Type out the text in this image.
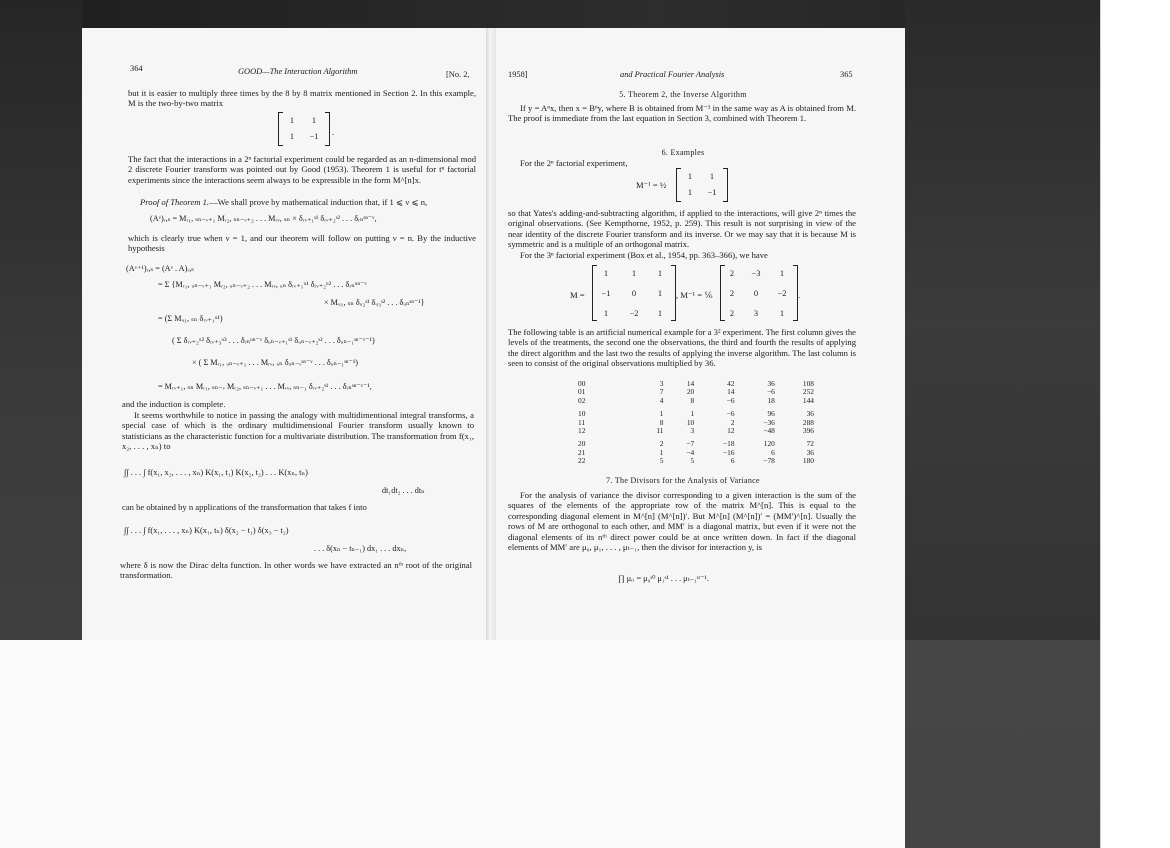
364	GOOD—The Interaction Algorithm	[No. 2,
but it is easier to multiply three times by the 8 by 8 matrix mentioned in Section 2. In this example, M is the two-by-two matrix
1	1
1	−1 .
The fact that the interactions in a 2ⁿ factorial experiment could be regarded as an n-dimensional mod 2 discrete Fourier transform was pointed out by Good (1953). Theorem 1 is useful for tⁿ factorial experiments since the interactions seem always to be expressible in the form M^[n]x.
Proof of Theorem 1.—We shall prove by mathematical induction that, if 1 ⩽ ν ⩽ n,
(Aᵛ)ᵣ,ₛ = Mᵣ₁, ₛₙ₋ᵥ₊₁ Mᵣ₂, ₛₙ₋ᵥ₊₂ . . . Mᵣᵥ, ₛₙ × δᵣᵥ₊₁ˢ¹ δᵣᵥ₊₂ˢ² . . . δᵣₙˢⁿ⁻ᵛ,
which is clearly true when ν = 1, and our theorem will follow on putting ν = n. By the inductive hypothesis
(Aᵛ⁺¹)ᵣ,ₛ = (Aᵛ . A)ᵣ,ₛ
= Σ {Mᵣ₁, ᵤₙ₋ᵥ₊₁ Mᵣ₂, ᵤₙ₋ᵥ₊₂ . . . Mᵣᵥ, ᵤₙ δᵣᵥ₊₁ᵘ¹ δᵣᵥ₊₂ᵘ² . . . δᵣₙᵘⁿ⁻ᵛ
× Mᵤ₁, ₛₙ δᵤ₂ˢ¹ δᵤ₃ˢ² . . . δᵤₙˢⁿ⁻¹}
= (Σ Mᵤ₁, ₛₙ δᵣᵥ₊₁ᵘ¹)
( Σ δᵣᵥ₊₂ᵘ² δᵣᵥ₊₃ᵘ³ . . . δᵣₙᵘⁿ⁻ᵛ δᵤₙ₋ᵥ₊₁ˢ¹ δᵤₙ₋ᵥ₊₂ˢ² . . . δᵤₙ₋₁ˢⁿ⁻ᵛ⁻¹)
× ( Σ Mᵣ₁, ᵤₙ₋ᵥ₊₁ . . . Mᵣᵥ, ᵤₙ δᵤₙ₋ᵥˢⁿ⁻ᵛ . . . δᵤₙ₋₁ˢⁿ⁻¹)
= Mᵣᵥ₊₁, ₛₙ Mᵣ₁, ₛₙ₋ᵥ Mᵣ₂, ₛₙ₋ᵥ₊₁ . . . Mᵣᵥ, ₛₙ₋₁ δᵣᵥ₊₂ˢ¹ . . . δᵣₙˢⁿ⁻ᵛ⁻¹,
and the induction is complete.
It seems worthwhile to notice in passing the analogy with multidimentional integral transforms, a special case of which is the ordinary multidimensional Fourier transform usually known to statisticians as the characteristic function for a multivariate distribution. The transformation from f(x₁, x₂, . . . , xₙ) to
∫∫ . . . ∫ f(x₁, x₂, . . . , xₙ) K(x₁, t₁) K(x₂, t₂) . . . K(xₙ, tₙ)
dt₁dt₂ . . . dtₙ
can be obtained by n applications of the transformation that takes f into
∫∫ . . . ∫ f(x₁, . . . , xₙ) K(x₁, tₙ) δ(x₂ − t₁) δ(x₃ − t₂)
. . . δ(xₙ − tₙ₋₁) dx₁ . . . dxₙ,
where δ is now the Dirac delta function. In other words we have extracted an nᵗʰ root of the original transformation.
1958]	and Practical Fourier Analysis	365
5. Theorem 2, the Inverse Algorithm
If y = Aⁿx, then x = Bⁿy, where B is obtained from M⁻¹ in the same way as A is obtained from M. The proof is immediate from the last equation in Section 3, combined with Theorem 1.
6. Examples
For the 2ⁿ factorial experiment,
M⁻¹ = ½
1	1
1	−1
so that Yates's adding-and-subtracting algorithm, if applied to the interactions, will give 2ⁿ times the original observations. (See Kempthorne, 1952, p. 259). This result is not surprising in view of the near identity of the discrete Fourier transform and its inverse. Or we may say that it is because M is symmetric and is a multiple of an orthogonal matrix.
For the 3ⁿ factorial experiment (Box et al., 1954, pp. 363–366), we have
M =
1	1	1
−1	0	1
1	−2	1
, M⁻¹ = ⅙
2	−3	1
2	0	−2
2	3	1
.
The following table is an artificial numerical example for a 3² experiment. The first column gives the levels of the treatments, the second one the observations, the third and fourth the results of applying the direct algorithm and the last two the results of applying the inverse algorithm. The last column is seen to consist of the original observations multiplied by 36.
00	3	14	42	36	108
01	7	20	14	−6	252
02	4	8	−6	18	144

10	1	1	−6	96	36
11	8	10	2	−36	288
12	11	3	12	−48	396

20	2	−7	−18	120	72
21	1	−4	−16	6	36
22	5	5	6	−78	180
7. The Divisors for the Analysis of Variance
For the analysis of variance the divisor corresponding to a given interaction is the sum of the squares of the elements of the appropriate row of the matrix M^[n]. This is equal to the corresponding diagonal element in M^[n] (M^[n])′. But M^[n] (M^[n])′ = (MM′)^[n]. Usually the rows of M are orthogonal to each other, and MM′ is a diagonal matrix, but even if it were not the diagonal elements of its nᵗʰ direct power could be at once written down. In fact if the diagonal elements of MM′ are μ₀, μ₁, . . . , μₜ₋₁, then the divisor for interaction y, is
∏ μᵣᵢ = μ₀ˢ⁰ μ₁ˢ¹ . . . μₜ₋₁ˢᵗ⁻¹.
